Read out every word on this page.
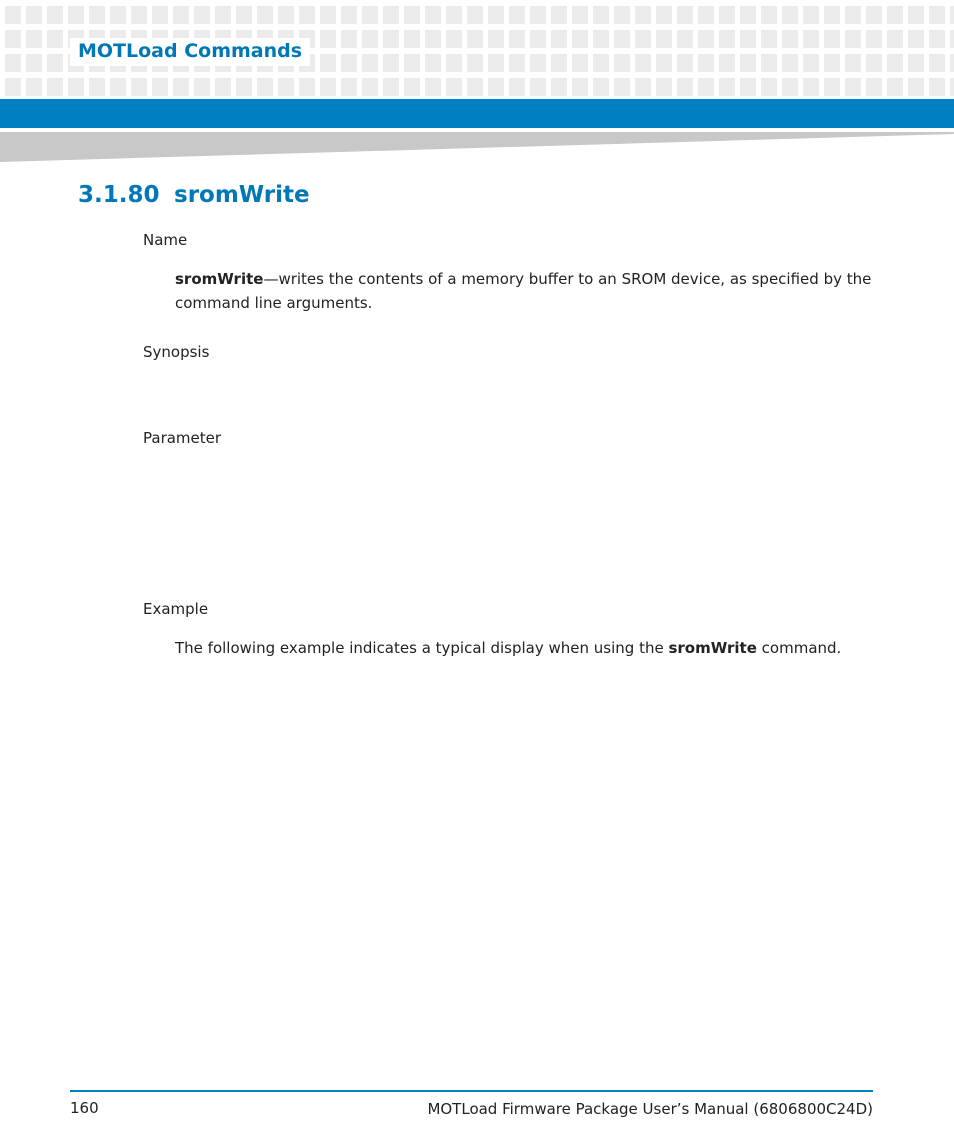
MOTLoad Commands
3.1.80 sromWrite
Name
sromWrite—writes the contents of a memory buffer to an SROM device, as specified by the
command line arguments.
Synopsis
Parameter
Example
The following example indicates a typical display when using the sromWrite command.
160	MOTLoad Firmware Package User’s Manual (6806800C24D)
